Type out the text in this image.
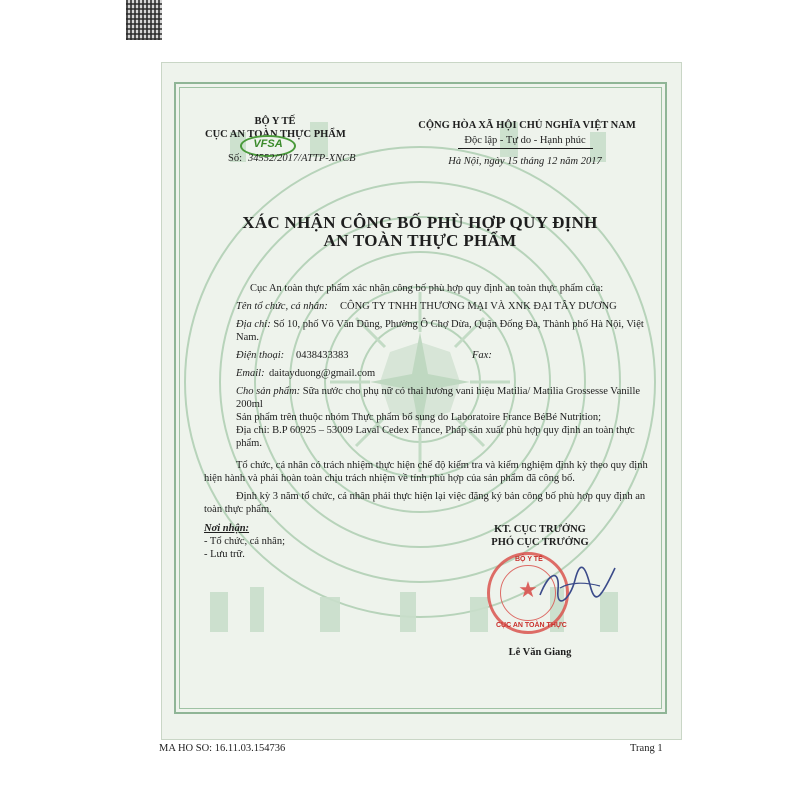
BỘ Y TẾ
CỤC AN TOÀN THỰC PHẨM
VFSA
Số: 34552/2017/ATTP-XNCB
CỘNG HÒA XÃ HỘI CHỦ NGHĨA VIỆT NAM
Độc lập - Tự do - Hạnh phúc
Hà Nội, ngày 15 tháng 12 năm 2017
XÁC NHẬN CÔNG BỐ PHÙ HỢP QUY ĐỊNH
AN TOÀN THỰC PHẨM
Cục An toàn thực phẩm xác nhận công bố phù hợp quy định an toàn thực phẩm của:
Tên tổ chức, cá nhân: CÔNG TY TNHH THƯƠNG MẠI VÀ XNK ĐẠI TÂY DƯƠNG
Địa chỉ: Số 10, phố Võ Văn Dũng, Phường Ô Chợ Dừa, Quận Đống Đa, Thành phố Hà Nội, Việt Nam.
Điện thoại: 0438433383	Fax:
Email: daitayduong@gmail.com
Cho sản phẩm: Sữa nước cho phụ nữ có thai hương vani hiệu Matilia/ Matilia Grossesse Vanille 200ml
Sản phẩm trên thuộc nhóm Thực phẩm bổ sung do Laboratoire France BéBé Nutrition;
Địa chỉ: B.P 60925 – 53009 Laval Cedex France, Pháp sản xuất phù hợp quy định an toàn thực phẩm.
Tổ chức, cá nhân có trách nhiệm thực hiện chế độ kiểm tra và kiểm nghiệm định kỳ theo quy định hiện hành và phải hoàn toàn chịu trách nhiệm về tính phù hợp của sản phẩm đã công bố.
Định kỳ 3 năm tổ chức, cá nhân phải thực hiện lại việc đăng ký bản công bố phù hợp quy định an toàn thực phẩm.
Nơi nhận:
- Tổ chức, cá nhân;
- Lưu trữ.
KT. CỤC TRƯỞNG
PHÓ CỤC TRƯỞNG
★
BỘ Y TẾ
CỤC AN TOÀN THỰC
Lê Văn Giang
MA HO SO: 16.11.03.154736	Trang 1
